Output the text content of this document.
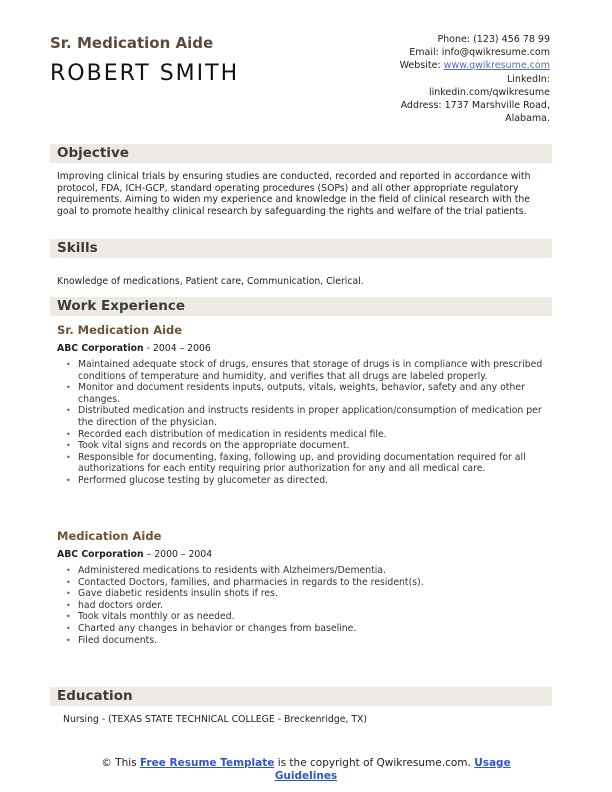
Sr. Medication Aide
ROBERT SMITH
Phone: (123) 456 78 99
Email: info@qwikresume.com
Website: www.qwikresume.com
LinkedIn:
linkedin.com/qwikresume
Address: 1737 Marshville Road,
Alabama.
Objective
Improving clinical trials by ensuring studies are conducted, recorded and reported in accordance with protocol, FDA, ICH-GCP, standard operating procedures (SOPs) and all other appropriate regulatory requirements. Aiming to widen my experience and knowledge in the field of clinical research with the goal to promote healthy clinical research by safeguarding the rights and welfare of the trial patients.
Skills
Knowledge of medications, Patient care, Communication, Clerical.
Work Experience
Sr. Medication Aide
ABC Corporation - 2004 – 2006
• Maintained adequate stock of drugs, ensures that storage of drugs is in compliance with prescribed conditions of temperature and humidity, and verifies that all drugs are labeled properly.
• Monitor and document residents inputs, outputs, vitals, weights, behavior, safety and any other changes.
• Distributed medication and instructs residents in proper application/consumption of medication per the direction of the physician.
• Recorded each distribution of medication in residents medical file.
• Took vital signs and records on the appropriate document.
• Responsible for documenting, faxing, following up, and providing documentation required for all authorizations for each entity requiring prior authorization for any and all medical care.
• Performed glucose testing by glucometer as directed.
Medication Aide
ABC Corporation – 2000 – 2004
• Administered medications to residents with Alzheimers/Dementia.
• Contacted Doctors, families, and pharmacies in regards to the resident(s).
• Gave diabetic residents insulin shots if res.
• had doctors order.
• Took vitals monthly or as needed.
• Charted any changes in behavior or changes from baseline.
• Filed documents.
Education
Nursing - (TEXAS STATE TECHNICAL COLLEGE - Breckenridge, TX)
© This Free Resume Template is the copyright of Qwikresume.com. Usage
Guidelines
